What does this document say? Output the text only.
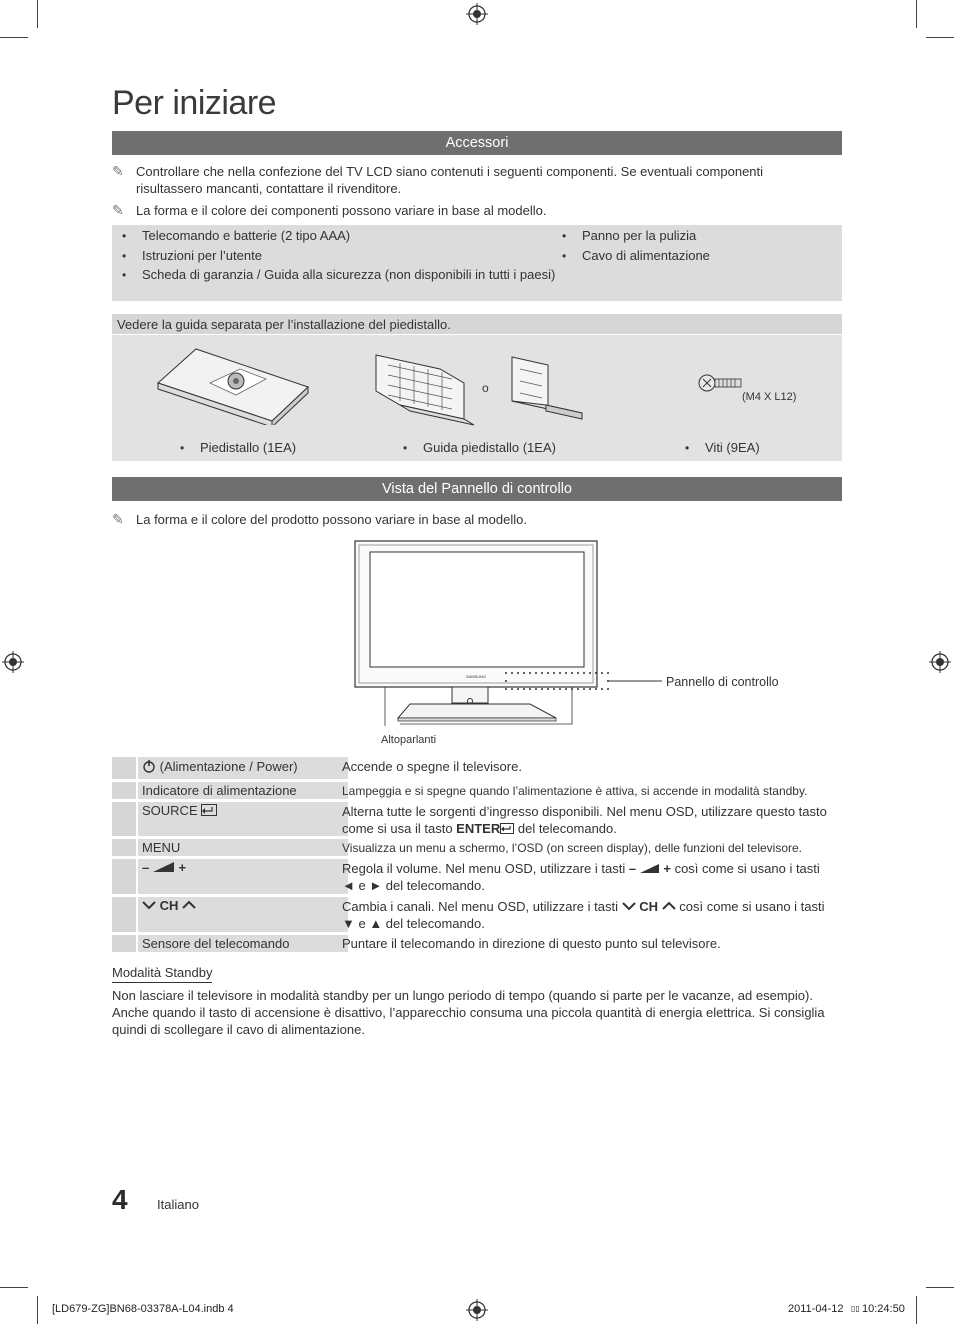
Per iniziare
Accessori
✎ Controllare che nella confezione del TV LCD siano contenuti i seguenti componenti. Se eventuali componenti risultassero mancanti, contattare il rivenditore.
✎ La forma e il colore dei componenti possono variare in base al modello.
• Telecomando e batterie (2 tipo AAA)
• Istruzioni per l’utente
• Scheda di garanzia / Guida alla sicurezza (non disponibili in tutti i paesi)
• Panno per la pulizia
• Cavo di alimentazione
Vedere la guida separata per l’installazione del piedistallo.
o
(M4 X L12)
• Piedistallo (1EA)	• Guida piedistallo (1EA)	• Viti (9EA)
Vista del Pannello di controllo
✎ La forma e il colore del prodotto possono variare in base al modello.
SAMSUNG	Pannello di controllo
Altoparlanti
(Alimentazione / Power)	Accende o spegne il televisore.
Indicatore di alimentazione	Lampeggia e si spegne quando l’alimentazione è attiva, si accende in modalità standby.
SOURCE	Alterna tutte le sorgenti d’ingresso disponibili. Nel menu OSD, utilizzare questo tasto come si usa il tasto ENTER del telecomando.
MENU	Visualizza un menu a schermo, l’OSD (on screen display), delle funzioni del televisore.
– +	Regola il volume. Nel menu OSD, utilizzare i tasti – + così come si usano i tasti
◄ e ► del telecomando.
CH	Cambia i canali. Nel menu OSD, utilizzare i tasti CH così come si usano i tasti
▼ e ▲ del telecomando.
Sensore del telecomando	Puntare il telecomando in direzione di questo punto sul televisore.
Modalità Standby
Non lasciare il televisore in modalità standby per un lungo periodo di tempo (quando si parte per le vacanze, ad esempio). Anche quando il tasto di accensione è disattivo, l’apparecchio consuma una piccola quantità di energia elettrica. Si consiglia quindi di scollegare il cavo di alimentazione.
4 Italiano
[LD679-ZG]BN68-03378A-L04.indb 4	2011-04-12 ▯▯ 10:24:50
